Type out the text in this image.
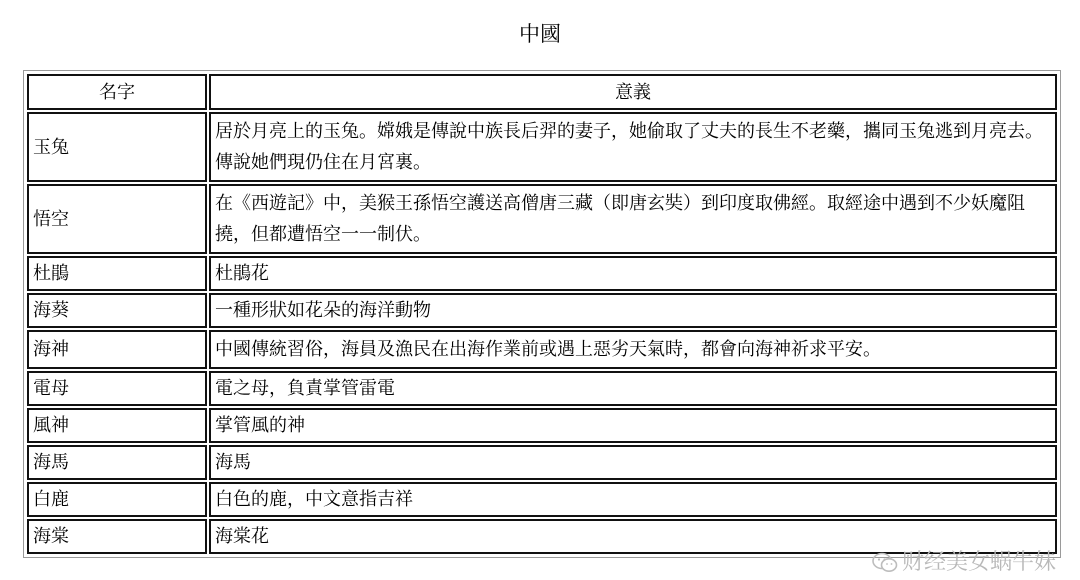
中國
名字	意義
玉兔	居於月亮上的玉兔。嫦娥是傳說中族長后羿的妻子，她偷取了丈夫的長生不老藥，攜同玉兔逃到月亮去。傳說她們現仍住在月宮裏。
悟空	在《西遊記》中，美猴王孫悟空護送高僧唐三藏（即唐玄奘）到印度取佛經。取經途中遇到不少妖魔阻撓，但都遭悟空一一制伏。
杜鵑	杜鵑花
海葵	一種形狀如花朵的海洋動物
海神	中國傳統習俗，海員及漁民在出海作業前或遇上惡劣天氣時，都會向海神祈求平安。
電母	電之母，負責掌管雷電
風神	掌管風的神
海馬	海馬
白鹿	白色的鹿，中文意指吉祥
海棠	海棠花
财经美女蜗牛妹
